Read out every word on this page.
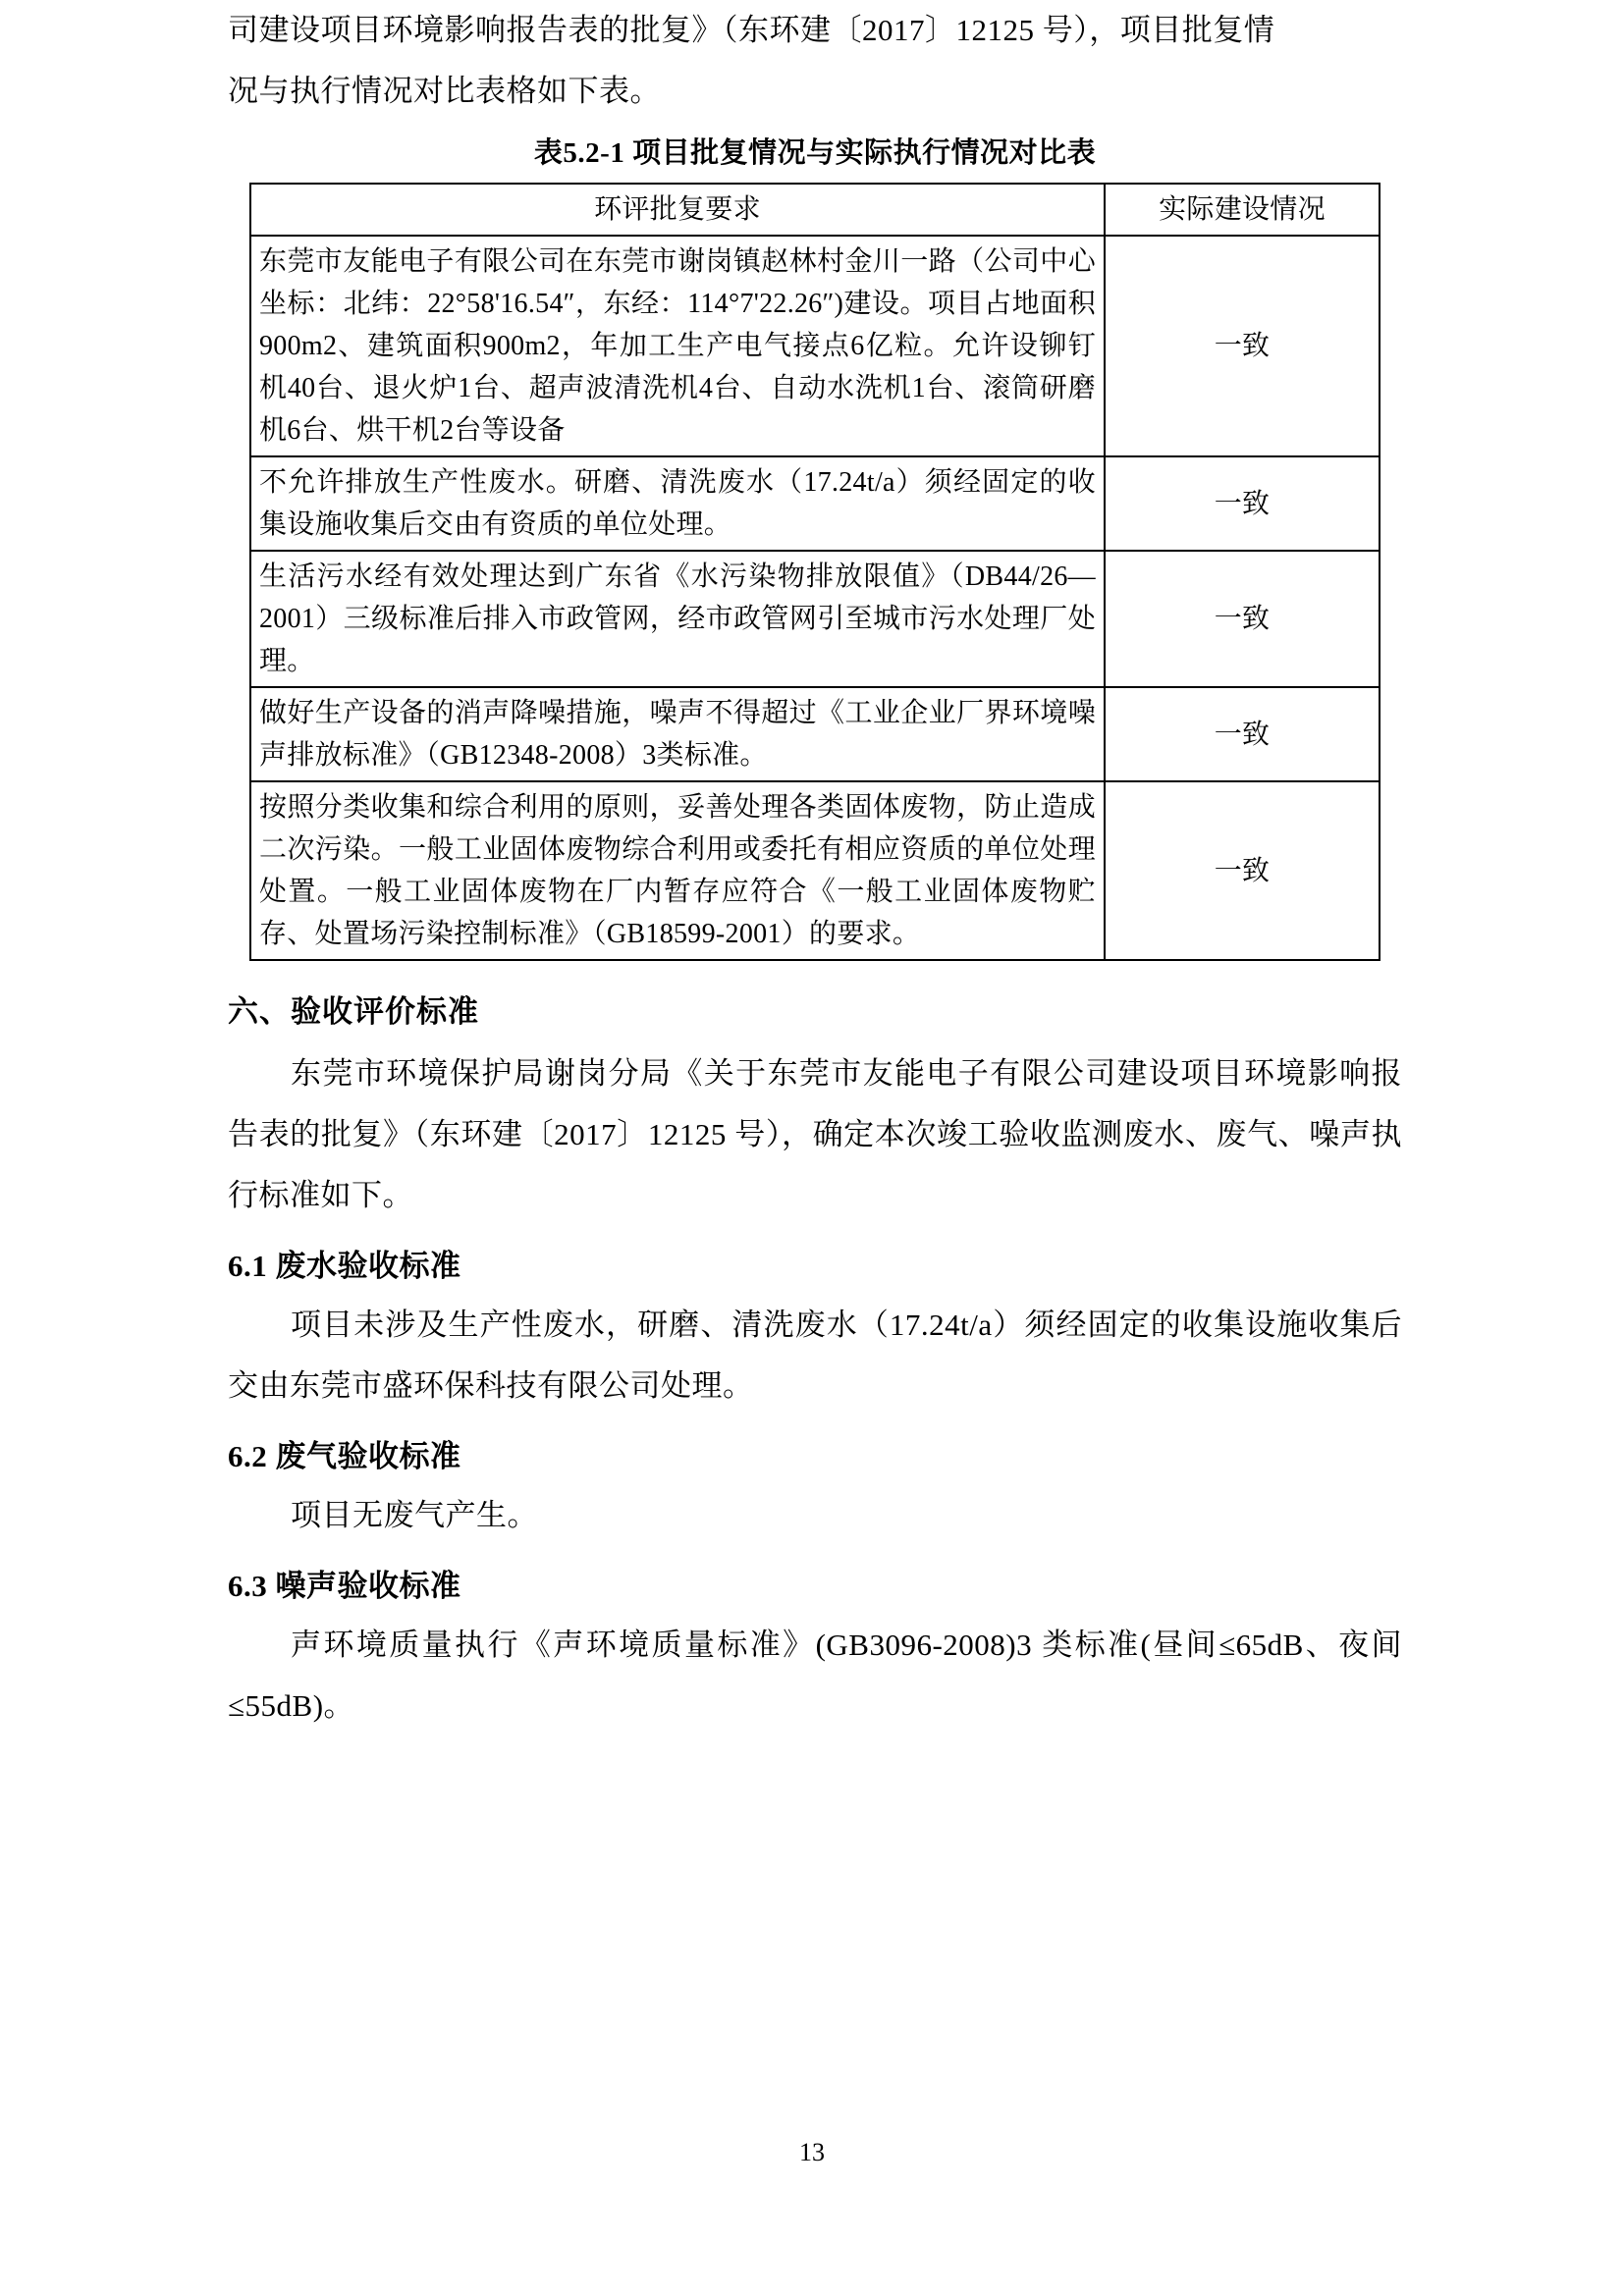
司建设项目环境影响报告表的批复》（东环建〔2017〕12125 号），项目批复情

况与执行情况对比表格如下表。

表5.2-1 项目批复情况与实际执行情况对比表
环评批复要求	实际建设情况
东莞市友能电子有限公司在东莞市谢岗镇赵林村金川一路（公司中心坐标：北纬：22°58'16.54″，东经：114°7'22.26″)建设。项目占地面积900m2、建筑面积900m2，年加工生产电气接点6亿粒。允许设铆钉机40台、退火炉1台、超声波清洗机4台、自动水洗机1台、滚筒研磨机6台、烘干机2台等设备	一致
不允许排放生产性废水。研磨、清洗废水（17.24t/a）须经固定的收集设施收集后交由有资质的单位处理。	一致
生活污水经有效处理达到广东省《水污染物排放限值》（DB44/26—2001）三级标准后排入市政管网，经市政管网引至城市污水处理厂处理。	一致
做好生产设备的消声降噪措施，噪声不得超过《工业企业厂界环境噪声排放标准》（GB12348-2008）3类标准。	一致
按照分类收集和综合利用的原则，妥善处理各类固体废物，防止造成二次污染。一般工业固体废物综合利用或委托有相应资质的单位处理处置。一般工业固体废物在厂内暂存应符合《一般工业固体废物贮存、处置场污染控制标准》（GB18599-2001）的要求。	一致
六、验收评价标准

东莞市环境保护局谢岗分局《关于东莞市友能电子有限公司建设项目环境影响报告表的批复》（东环建〔2017〕12125 号），确定本次竣工验收监测废水、废气、噪声执行标准如下。

6.1 废水验收标准

项目未涉及生产性废水，研磨、清洗废水（17.24t/a）须经固定的收集设施收集后交由东莞市盛环保科技有限公司处理。

6.2 废气验收标准

项目无废气产生。

6.3 噪声验收标准

声环境质量执行《声环境质量标准》(GB3096-2008)3 类标准(昼间≤65dB、夜间≤55dB)。

13
